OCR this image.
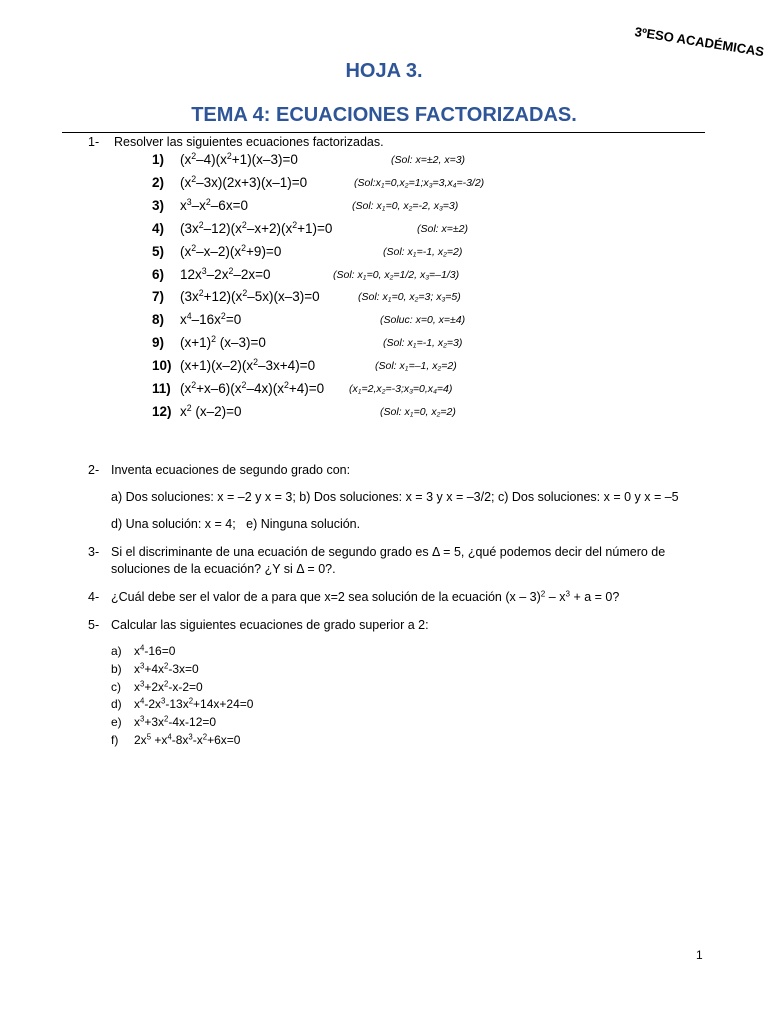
3ºESO ACADÉMICAS
HOJA 3.
TEMA 4: ECUACIONES FACTORIZADAS.
1- Resolver las siguientes ecuaciones factorizadas.
1) $(x^2-4)(x^2+1)(x-3)=0$	(Sol: x=±2, x=3)
2) $(x^2-3x)(2x+3)(x-1)=0$	$(Sol:x_1=0,x_2=1;x_3=3,x_4=-3/2)$
3) $x^3-x^2-6x=0$	(Sol: $x_1=0$, $x_2=-2$, $x_3=3$)
4) $(3x^2-12)(x^2-x+2)(x^2+1)=0$	(Sol: x=±2)
5) $(x^2-x-2)(x^2+9)=0$	(Sol: $x_1=-1$, $x_2=2$)
6) $12x^3-2x^2-2x=0$	(Sol: $x_1=0$, $x_2=1/2$, $x_3=-1/3$)
7) $(3x^2+12)(x^2-5x)(x-3)=0$	(Sol: $x_1=0$, $x_2=3$; $x_3=5$)
8) $x^4-16x^2=0$	(Soluc: x=0, x=±4)
9) $(x+1)^2$ (x–3)=0	(Sol: $x_1=-1$, $x_2=3$)
10) $(x+1)(x-2)(x^2-3x+4)=0$	(Sol: $x_1=-1$, $x_2=2$)
11) $(x^2+x-6)(x^2-4x)(x^2+4)=0$ $(x_1=2,x_2=-3;x_3=0,x_4=4)$
12) $x^2$ (x–2)=0	(Sol: $x_1=0$, $x_2=2$)
2- Inventa ecuaciones de segundo grado con:
a) Dos soluciones: x = –2 y x = 3; b) Dos soluciones: x = 3 y x = –3/2; c) Dos soluciones: x = 0 y x = –5
d) Una solución: x = 4;   e) Ninguna solución.
3- Si el discriminante de una ecuación de segundo grado es Δ = 5, ¿qué podemos decir del número de
soluciones de la ecuación? ¿Y si Δ = 0?.
4- ¿Cuál debe ser el valor de a para que x=2 sea solución de la ecuación $(x - 3)^2 - x^3 + a = 0$?
5- Calcular las siguientes ecuaciones de grado superior a 2:
a) $x^4-16=0$
b) $x^3+4x^2-3x=0$
c) $x^3+2x^2-x-2=0$
d) $x^4-2x^3-13x^2+14x+24=0$
e) $x^3+3x^2-4x-12=0$
f) $2x^5 +x^4-8x^3-x^2+6x=0$
1
